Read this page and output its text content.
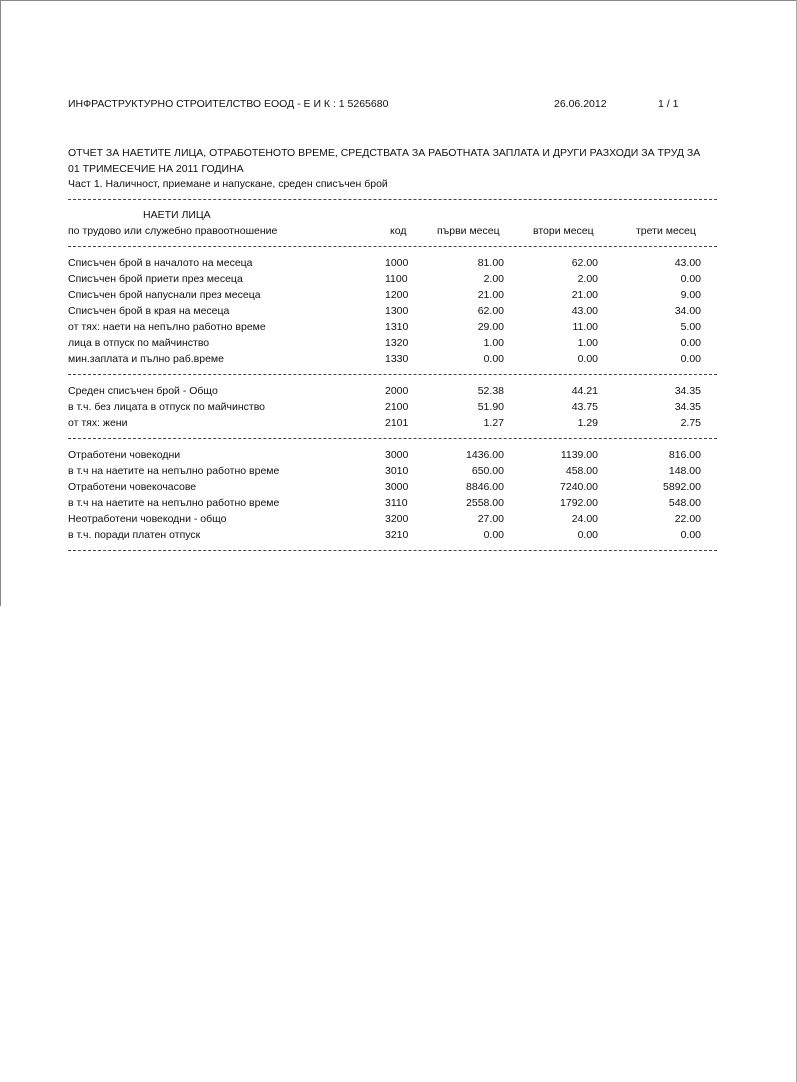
ИНФРАСТРУКТУРНО СТРОИТЕЛСТВО ЕООД - Е И К : 1 5265680	26.06.2012	1 / 1
ОТЧЕТ ЗА НАЕТИТЕ ЛИЦА, ОТРАБОТЕНОТО ВРЕМЕ, СРЕДСТВАТА ЗА РАБОТНАТА ЗАПЛАТА И ДРУГИ РАЗХОДИ ЗА ТРУД ЗА 01 ТРИМЕСЕЧИЕ НА 2011 ГОДИНА
Част 1. Наличност, приемане и напускане, среден списъчен брой
НАЕТИ ЛИЦА
по трудово или служебно правоотношение	код	първи месец	втори месец	трети месец
Списъчен брой в началото на месеца	1000	81.00	62.00	43.00
Списъчен брой приети през месеца	1100	2.00	2.00	0.00
Списъчен брой напуснали през месеца	1200	21.00	21.00	9.00
Списъчен брой в края на месеца	1300	62.00	43.00	34.00
от тях: наети на непълно работно време	1310	29.00	11.00	5.00
лица в отпуск по майчинство	1320	1.00	1.00	0.00
мин.заплата и пълно раб.време	1330	0.00	0.00	0.00
Среден списъчен брой - Общо	2000	52.38	44.21	34.35
в т.ч. без лицата в отпуск по майчинство	2100	51.90	43.75	34.35
от тях: жени	2101	1.27	1.29	2.75
Отработени човекодни	3000	1436.00	1139.00	816.00
в т.ч на наетите на непълно работно време	3010	650.00	458.00	148.00
Отработени човекочасове	3000	8846.00	7240.00	5892.00
в т.ч на наетите на непълно работно време	3110	2558.00	1792.00	548.00
Неотработени човекодни - общо	3200	27.00	24.00	22.00
в т.ч. поради платен отпуск	3210	0.00	0.00	0.00
